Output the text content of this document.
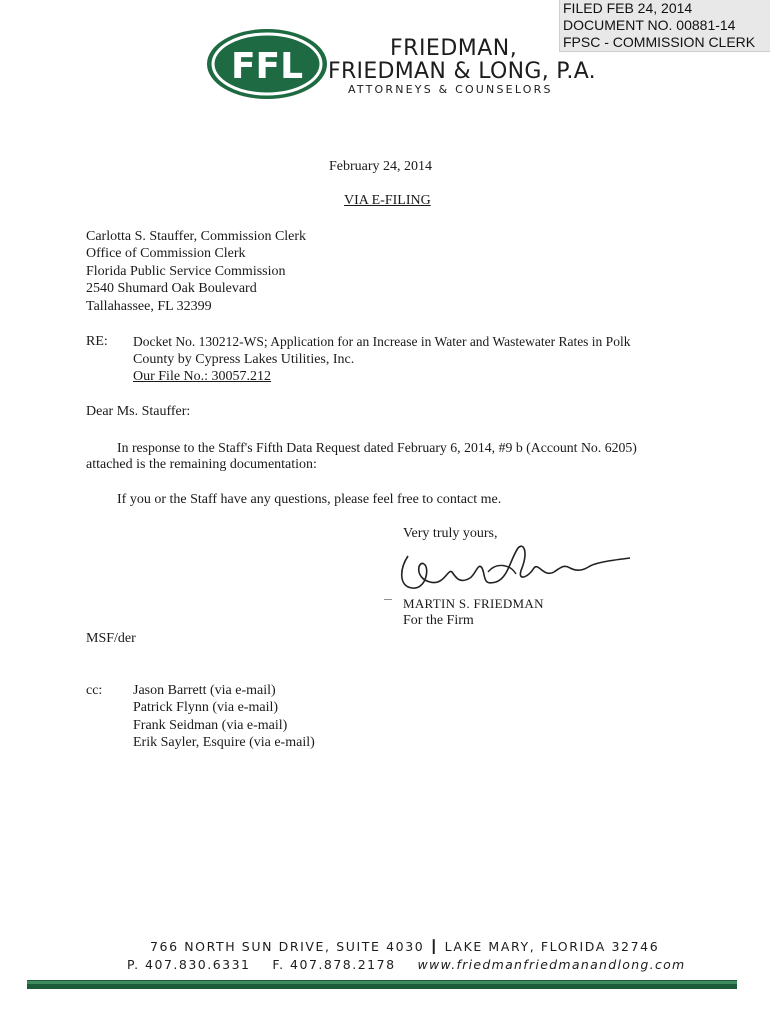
FILED FEB 24, 2014
DOCUMENT NO. 00881-14
FPSC - COMMISSION CLERK
FFL	FRIEDMAN,
FRIEDMAN & LONG, P.A.
ATTORNEYS & COUNSELORS
February 24, 2014
VIA E-FILING
Carlotta S. Stauffer, Commission Clerk
Office of Commission Clerk
Florida Public Service Commission
2540 Shumard Oak Boulevard
Tallahassee, FL 32399
RE: Docket No. 130212-WS; Application for an Increase in Water and Wastewater Rates in Polk
County by Cypress Lakes Utilities, Inc.
Our File No.: 30057.212
Dear Ms. Stauffer:
In response to the Staff's Fifth Data Request dated February 6, 2014, #9 b (Account No. 6205)
attached is the remaining documentation:
If you or the Staff have any questions, please feel free to contact me.
Very truly yours,
MARTIN S. FRIEDMAN
For the Firm
MSF/der
cc: Jason Barrett (via e-mail)
Patrick Flynn (via e-mail)
Frank Seidman (via e-mail)
Erik Sayler, Esquire (via e-mail)
766 NORTH SUN DRIVE, SUITE 4030 ┃ LAKE MARY, FLORIDA 32746
P. 407.830.6331 F. 407.878.2178 www.friedmanfriedmanandlong.com
